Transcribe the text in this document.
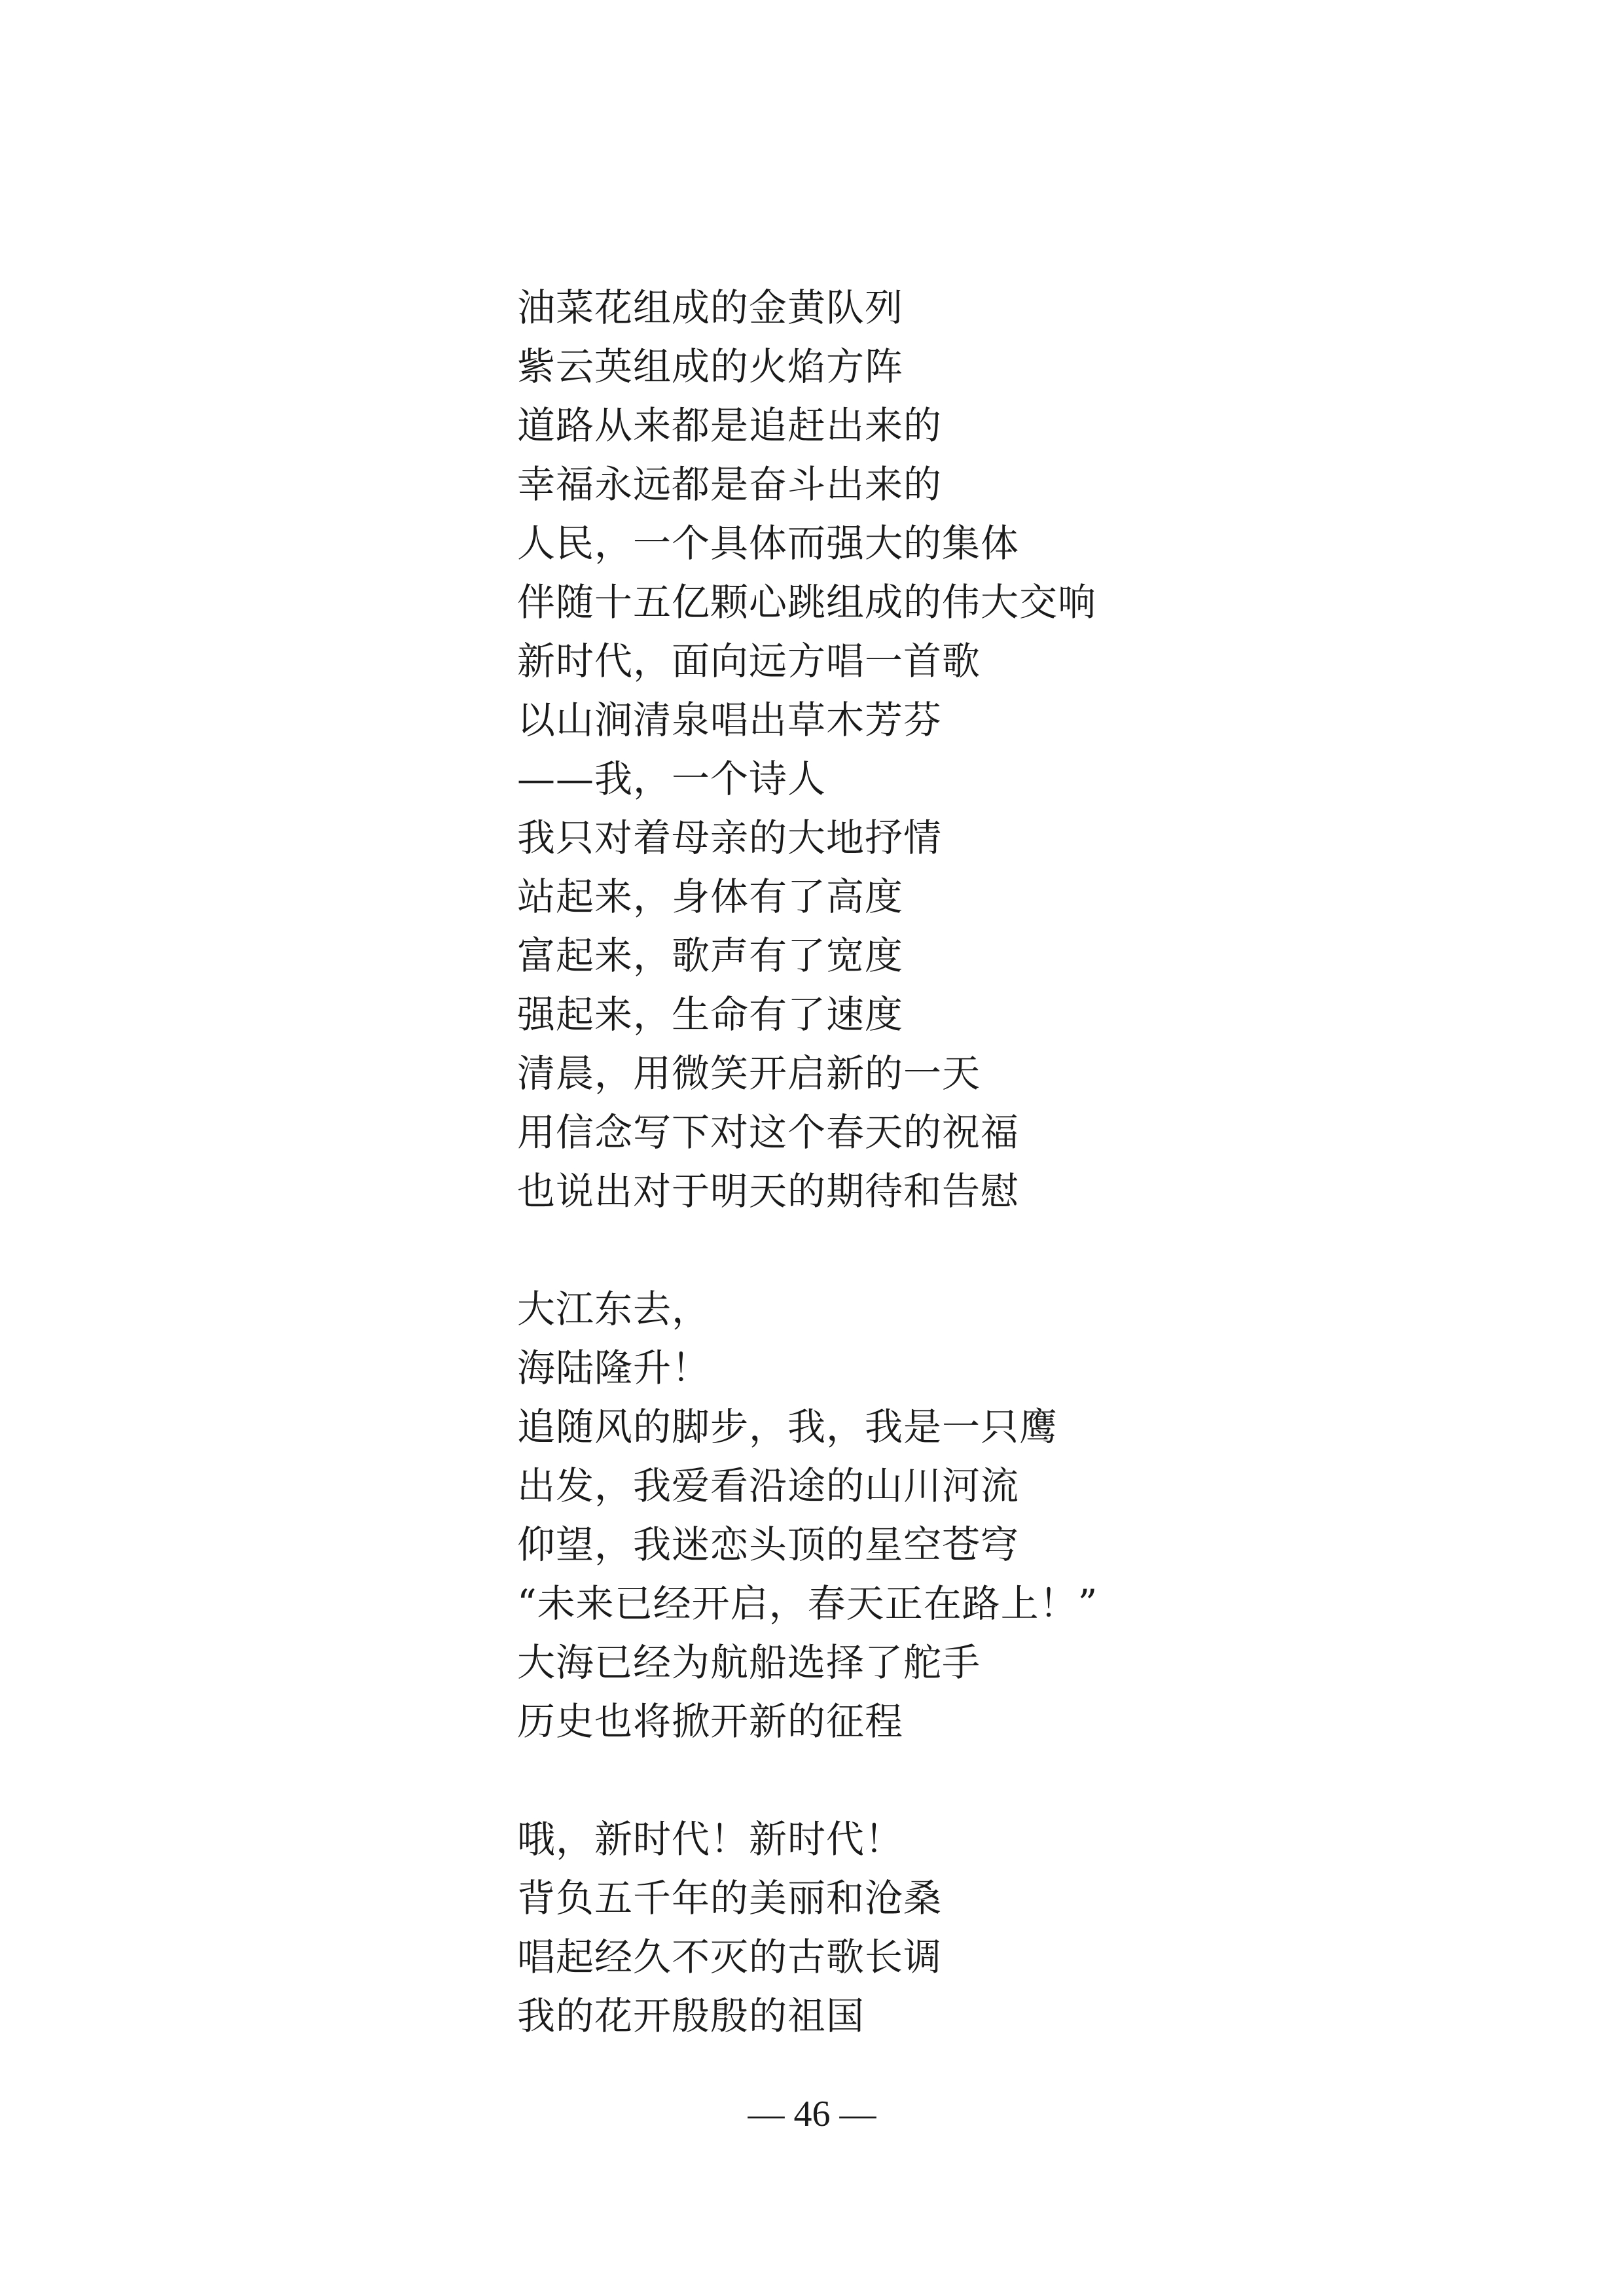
油菜花组成的金黄队列
紫云英组成的火焰方阵
道路从来都是追赶出来的
幸福永远都是奋斗出来的
人民，一个具体而强大的集体
伴随十五亿颗心跳组成的伟大交响
新时代，面向远方唱一首歌
以山涧清泉唱出草木芳芬
——我，一个诗人
我只对着母亲的大地抒情
站起来，身体有了高度
富起来，歌声有了宽度
强起来，生命有了速度
清晨，用微笑开启新的一天
用信念写下对这个春天的祝福
也说出对于明天的期待和告慰
大江东去，
海陆隆升！
追随风的脚步，我，我是一只鹰
出发，我爱看沿途的山川河流
仰望，我迷恋头顶的星空苍穹
“未来已经开启，春天正在路上！”
大海已经为航船选择了舵手
历史也将掀开新的征程
哦，新时代！新时代！
背负五千年的美丽和沧桑
唱起经久不灭的古歌长调
我的花开殷殷的祖国
— 46 —
